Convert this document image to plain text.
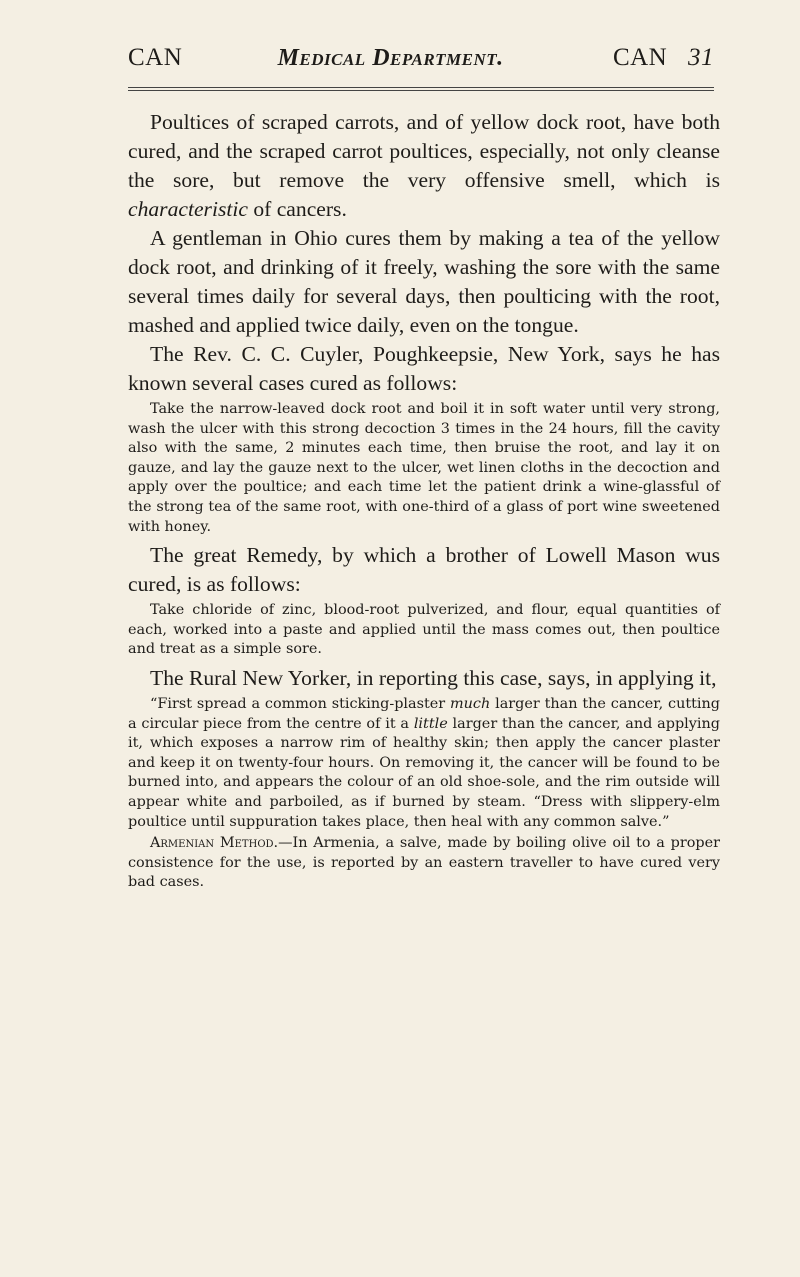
CAN	Medical Department.	CAN 31

Poultices of scraped carrots, and of yellow dock root, have both cured, and the scraped carrot poultices, especially, not only cleanse the sore, but remove the very offensive smell, which is characteristic of cancers.

A gentleman in Ohio cures them by making a tea of the yellow dock root, and drinking of it freely, washing the sore with the same several times daily for several days, then poulticing with the root, mashed and applied twice daily, even on the tongue.

The Rev. C. C. Cuyler, Poughkeepsie, New York, says he has known several cases cured as follows:

Take the narrow-leaved dock root and boil it in soft water until very strong, wash the ulcer with this strong decoction 3 times in the 24 hours, fill the cavity also with the same, 2 minutes each time, then bruise the root, and lay it on gauze, and lay the gauze next to the ulcer, wet linen cloths in the decoction and apply over the poultice; and each time let the patient drink a wine-glassful of the strong tea of the same root, with one-third of a glass of port wine sweetened with honey.

The great Remedy, by which a brother of Lowell Mason wus cured, is as follows:

Take chloride of zinc, blood-root pulverized, and flour, equal quantities of each, worked into a paste and applied until the mass comes out, then poultice and treat as a simple sore.

The Rural New Yorker, in reporting this case, says, in applying it,

“First spread a common sticking-plaster much larger than the cancer, cutting a circular piece from the centre of it a little larger than the cancer, and applying it, which exposes a narrow rim of healthy skin; then apply the cancer plaster and keep it on twenty-four hours. On removing it, the cancer will be found to be burned into, and appears the colour of an old shoe-sole, and the rim outside will appear white and parboiled, as if burned by steam. “Dress with slippery-elm poultice until suppuration takes place, then heal with any common salve.”

Armenian Method.—In Armenia, a salve, made by boiling olive oil to a proper consistence for the use, is reported by an eastern traveller to have cured very bad cases.
